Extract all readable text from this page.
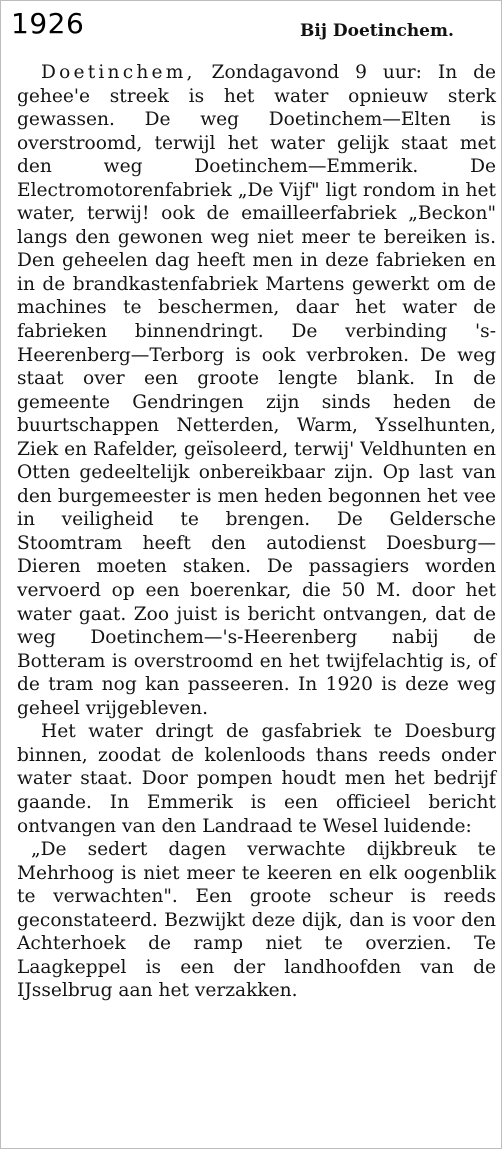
1926	Bij Doetinchem.

Doetinchem, Zondagavond 9 uur: In de gehee'e streek is het water opnieuw sterk gewassen. De weg Doetinchem—Elten is overstroomd, terwijl het water gelijk staat met den weg Doetinchem—Emmerik. De Electromotorenfabriek „De Vijf" ligt rondom in het water, terwij! ook de emailleerfabriek „Beckon" langs den gewonen weg niet meer te bereiken is. Den geheelen dag heeft men in deze fabrieken en in de brandkastenfabriek Martens gewerkt om de machines te beschermen, daar het water de fabrieken binnendringt. De verbinding 's-Heerenberg—Terborg is ook verbroken. De weg staat over een groote lengte blank. In de gemeente Gendringen zijn sinds heden de buurtschappen Netterden, Warm, Ysselhunten, Ziek en Rafelder, geïsoleerd, terwij' Veldhunten en Otten gedeeltelijk onbereikbaar zijn. Op last van den burgemeester is men heden begonnen het vee in veiligheid te brengen. De Geldersche Stoomtram heeft den autodienst Doesburg—Dieren moeten staken. De passagiers worden vervoerd op een boerenkar, die 50 M. door het water gaat. Zoo juist is bericht ontvangen, dat de weg Doetinchem—'s-Heerenberg nabij de Botteram is overstroomd en het twijfelachtig is, of de tram nog kan passeeren. In 1920 is deze weg geheel vrijgebleven.

Het water dringt de gasfabriek te Doesburg binnen, zoodat de kolenloods thans reeds onder water staat. Door pompen houdt men het bedrijf gaande. In Emmerik is een officieel bericht ontvangen van den Landraad te Wesel luidende:

„De sedert dagen verwachte dijkbreuk te Mehrhoog is niet meer te keeren en elk oogenblik te verwachten". Een groote scheur is reeds geconstateerd. Bezwijkt deze dijk, dan is voor den Achterhoek de ramp niet te overzien. Te Laagkeppel is een der landhoofden van de IJsselbrug aan het verzakken.
